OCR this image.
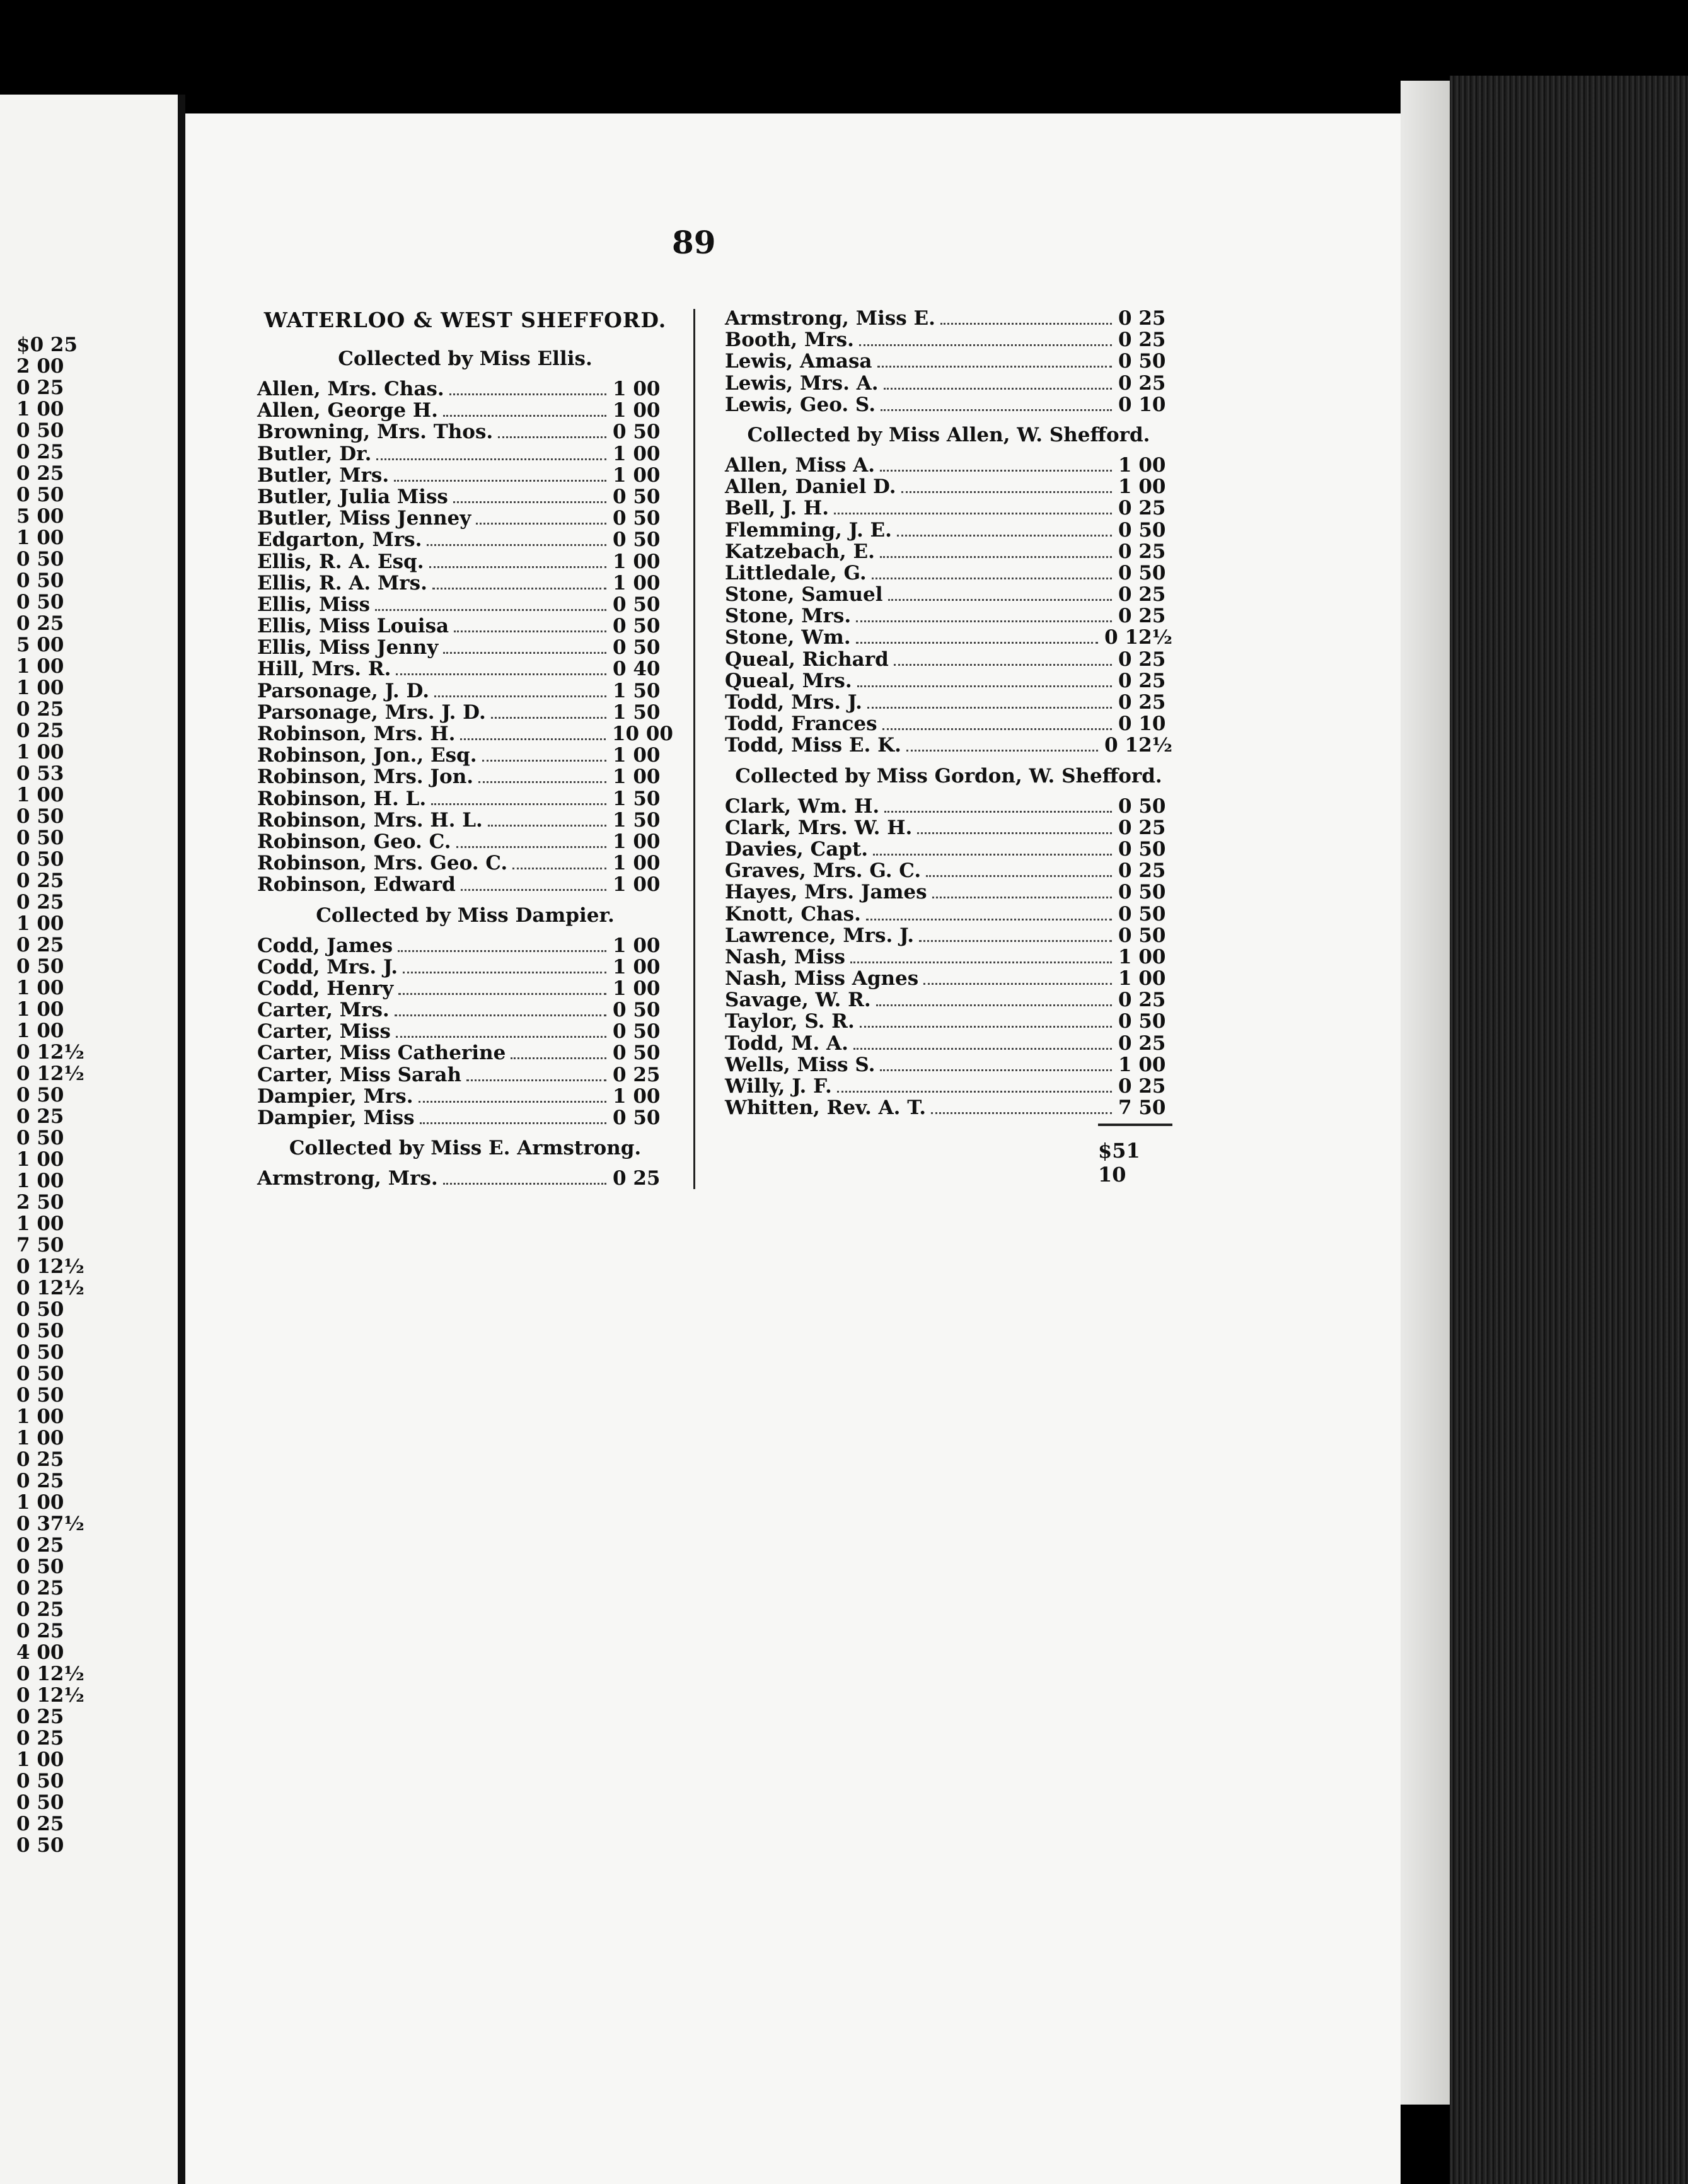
$0 25
2 00
0 25
1 00
0 50
0 25
0 25
0 50
5 00
1 00
0 50
0 50
0 50
0 25
5 00
1 00
1 00
0 25
0 25
1 00
0 53
1 00
0 50
0 50
0 50
0 25
0 25
1 00
0 25
0 50
1 00
1 00
1 00
0 12½
0 12½
0 50
0 25
0 50
1 00
1 00
2 50
1 00
7 50
0 12½
0 12½
0 50
0 50
0 50
0 50
0 50
1 00
1 00
0 25
0 25
1 00
0 37½
0 25
0 50
0 25
0 25
0 25
4 00
0 12½
0 12½
0 25
0 25
1 00
0 50
0 50
0 25
0 50
89
WATERLOO & WEST SHEFFORD.
Collected by Miss Ellis.
Allen, Mrs. Chas.	1 00
Allen, George H.	1 00
Browning, Mrs. Thos.	0 50
Butler, Dr.	1 00
Butler, Mrs.	1 00
Butler, Julia Miss	0 50
Butler, Miss Jenney	0 50
Edgarton, Mrs.	0 50
Ellis, R. A. Esq.	1 00
Ellis, R. A. Mrs.	1 00
Ellis, Miss	0 50
Ellis, Miss Louisa	0 50
Ellis, Miss Jenny	0 50
Hill, Mrs. R.	0 40
Parsonage, J. D.	1 50
Parsonage, Mrs. J. D.	1 50
Robinson, Mrs. H.	10 00
Robinson, Jon., Esq.	1 00
Robinson, Mrs. Jon.	1 00
Robinson, H. L.	1 50
Robinson, Mrs. H. L.	1 50
Robinson, Geo. C.	1 00
Robinson, Mrs. Geo. C.	1 00
Robinson, Edward	1 00
Collected by Miss Dampier.
Codd, James	1 00
Codd, Mrs. J.	1 00
Codd, Henry	1 00
Carter, Mrs.	0 50
Carter, Miss	0 50
Carter, Miss Catherine	0 50
Carter, Miss Sarah	0 25
Dampier, Mrs.	1 00
Dampier, Miss	0 50
Collected by Miss E. Armstrong.
Armstrong, Mrs.	0 25
Armstrong, Miss E.	0 25
Booth, Mrs.	0 25
Lewis, Amasa	0 50
Lewis, Mrs. A.	0 25
Lewis, Geo. S.	0 10
Collected by Miss Allen, W. Shefford.
Allen, Miss A.	1 00
Allen, Daniel D.	1 00
Bell, J. H.	0 25
Flemming, J. E.	0 50
Katzebach, E.	0 25
Littledale, G.	0 50
Stone, Samuel	0 25
Stone, Mrs.	0 25
Stone, Wm.	0 12½
Queal, Richard	0 25
Queal, Mrs.	0 25
Todd, Mrs. J.	0 25
Todd, Frances	0 10
Todd, Miss E. K.	0 12½
Collected by Miss Gordon, W. Shefford.
Clark, Wm. H.	0 50
Clark, Mrs. W. H.	0 25
Davies, Capt.	0 50
Graves, Mrs. G. C.	0 25
Hayes, Mrs. James	0 50
Knott, Chas.	0 50
Lawrence, Mrs. J.	0 50
Nash, Miss	1 00
Nash, Miss Agnes	1 00
Savage, W. R.	0 25
Taylor, S. R.	0 50
Todd, M. A.	0 25
Wells, Miss S.	1 00
Willy, J. F.	0 25
Whitten, Rev. A. T.	7 50
$51 10
